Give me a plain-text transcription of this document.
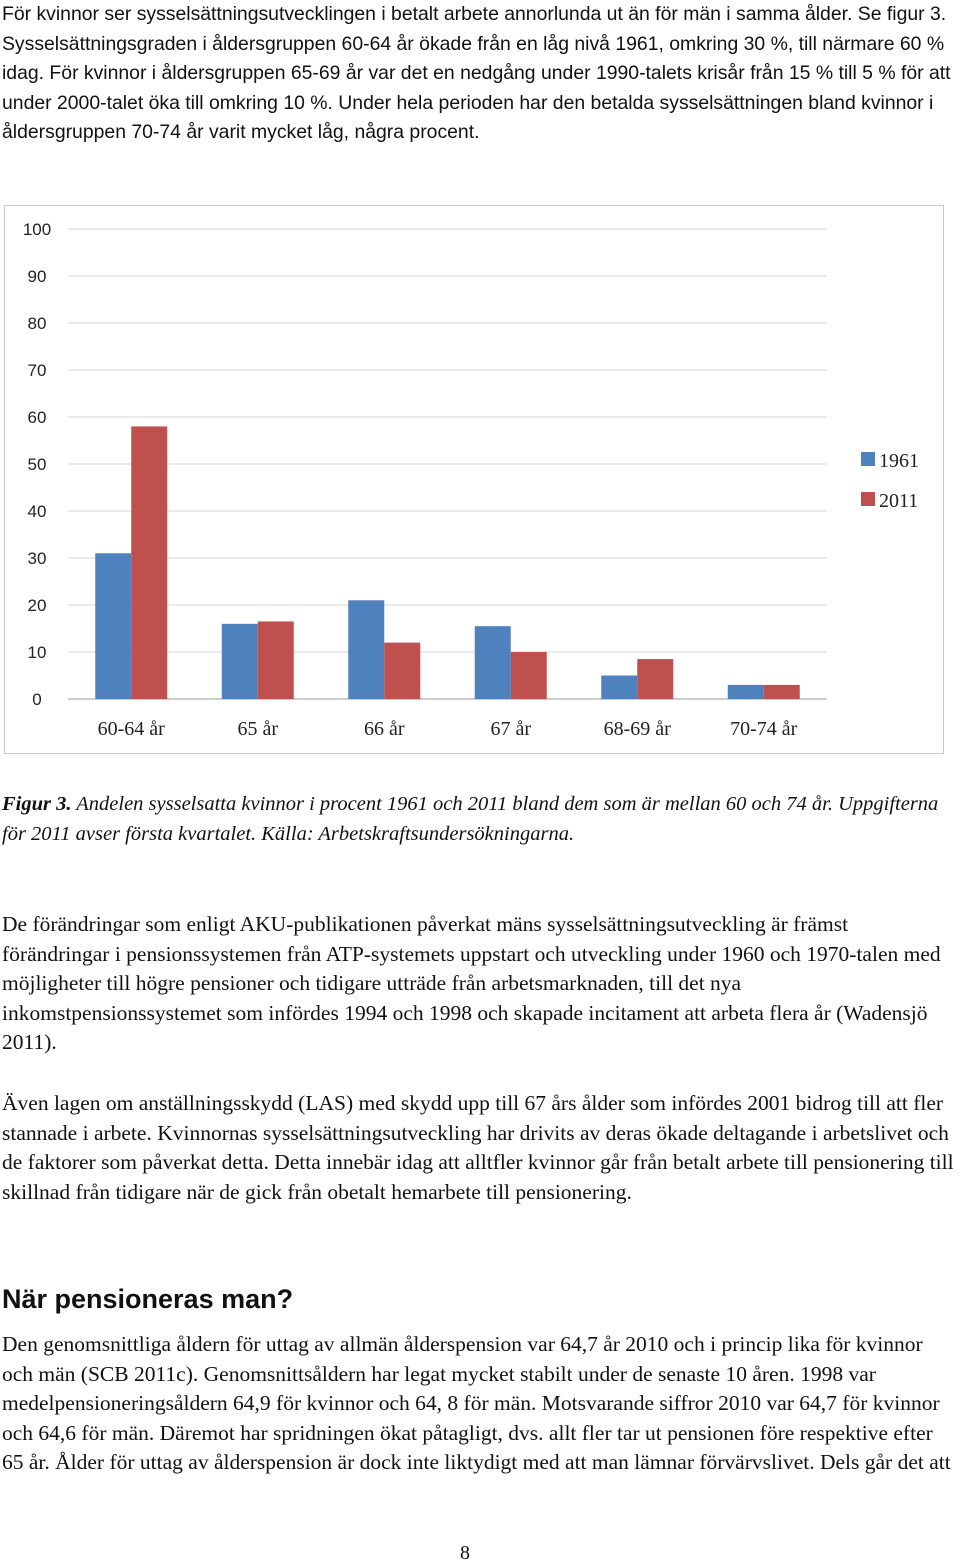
För kvinnor ser sysselsättningsutvecklingen i betalt arbete annorlunda ut än för män i samma ålder. Se figur 3. Sysselsättningsgraden i åldersgruppen 60-64 år ökade från en låg nivå 1961, omkring 30 %, till närmare 60 % idag. För kvinnor i åldersgruppen 65-69 år var det en nedgång under 1990-talets krisår från 15 % till 5 % för att under 2000-talet öka till omkring 10 %. Under hela perioden har den betalda sysselsättningen bland kvinnor i åldersgruppen 70-74 år varit mycket låg, några procent.

0
10
20
30
40
50
60
70
80
90
100
60-64 år	65 år	66 år	67 år	68-69 år	70-74 år
1961
2011

Figur 3. Andelen sysselsatta kvinnor i procent 1961 och 2011 bland dem som är mellan 60 och 74 år. Uppgifterna för 2011 avser första kvartalet. Källa: Arbetskraftsundersökningarna.

De förändringar som enligt AKU-publikationen påverkat mäns sysselsättningsutveckling är främst förändringar i pensionssystemen från ATP-systemets uppstart och utveckling under 1960 och 1970-talen med möjligheter till högre pensioner och tidigare utträde från arbetsmarknaden, till det nya inkomstpensionssystemet som infördes 1994 och 1998 och skapade incitament att arbeta flera år (Wadensjö 2011).

Även lagen om anställningsskydd (LAS) med skydd upp till 67 års ålder som infördes 2001 bidrog till att fler stannade i arbete. Kvinnornas sysselsättningsutveckling har drivits av deras ökade deltagande i arbetslivet och de faktorer som påverkat detta. Detta innebär idag att alltfler kvinnor går från betalt arbete till pensionering till skillnad från tidigare när de gick från obetalt hemarbete till pensionering.

När pensioneras man?

Den genomsnittliga åldern för uttag av allmän ålderspension var 64,7 år 2010 och i princip lika för kvinnor och män (SCB 2011c). Genomsnittsåldern har legat mycket stabilt under de senaste 10 åren. 1998 var medelpensioneringsåldern 64,9 för kvinnor och 64, 8 för män. Motsvarande siffror 2010 var 64,7 för kvinnor och 64,6 för män. Däremot har spridningen ökat påtagligt, dvs. allt fler tar ut pensionen före respektive efter 65 år. Ålder för uttag av ålderspension är dock inte liktydigt med att man lämnar förvärvslivet. Dels går det att

8
